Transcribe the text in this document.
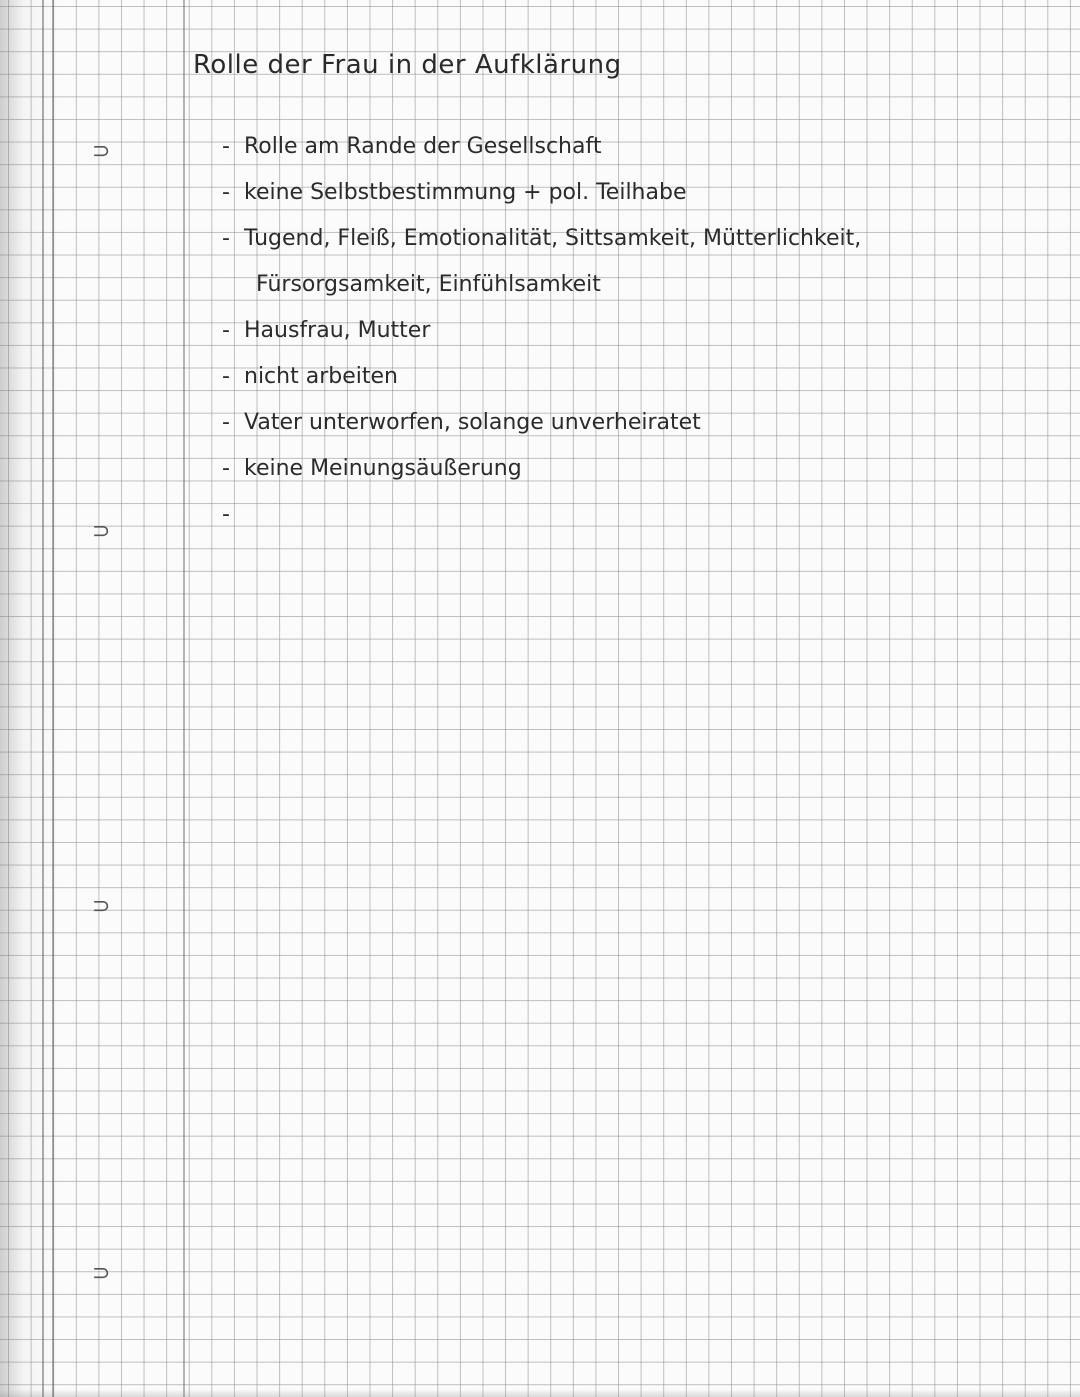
⊃
⊃
⊃
⊃
Rolle der Frau in der Aufklärung
- Rolle am Rande der Gesellschaft
- keine Selbstbestimmung + pol. Teilhabe
- Tugend, Fleiß, Emotionalität, Sittsamkeit, Mütterlichkeit,
Fürsorgsamkeit, Einfühlsamkeit
- Hausfrau, Mutter
- nicht arbeiten
- Vater unterworfen, solange unverheiratet
- keine Meinungsäußerung
-
